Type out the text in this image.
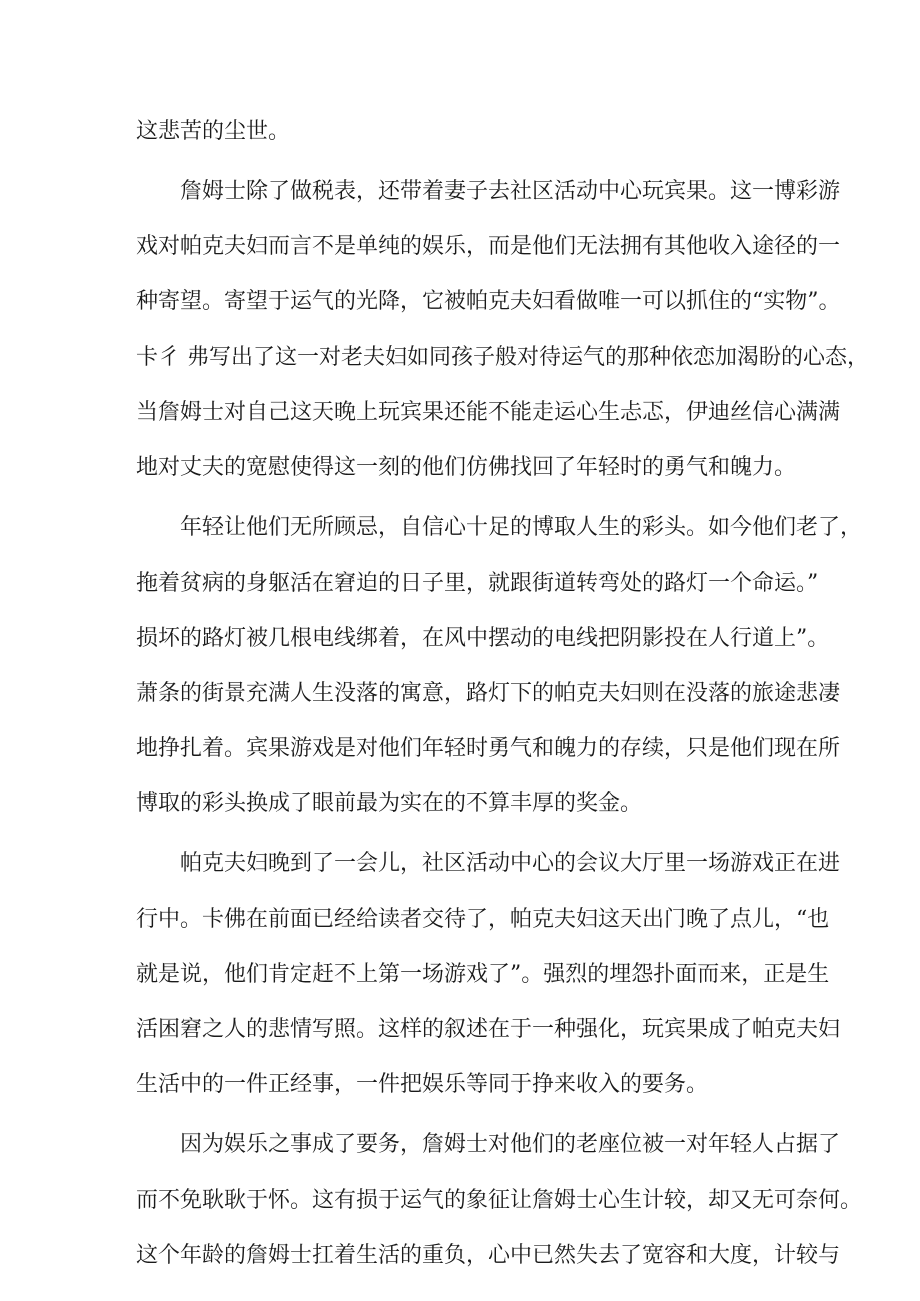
这悲苦的尘世。
詹姆士除了做税表，还带着妻子去社区活动中心玩宾果。这一博彩游
戏对帕克夫妇而言不是单纯的娱乐，而是他们无法拥有其他收入途径的一
种寄望。寄望于运气的光降，它被帕克夫妇看做唯一可以抓住的“实物”。
卡彳 弗写出了这一对老夫妇如同孩子般对待运气的那种依恋加渴盼的心态，
当詹姆士对自己这天晚上玩宾果还能不能走运心生忐忑，伊迪丝信心满满
地对丈夫的宽慰使得这一刻的他们仿佛找回了年轻时的勇气和魄力。
年轻让他们无所顾忌，自信心十足的博取人生的彩头。如今他们老了，
拖着贫病的身躯活在窘迫的日子里，就跟街道转弯处的路灯一个命运。”
损坏的路灯被几根电线绑着，在风中摆动的电线把阴影投在人行道上”。
萧条的街景充满人生没落的寓意，路灯下的帕克夫妇则在没落的旅途悲凄
地挣扎着。宾果游戏是对他们年轻时勇气和魄力的存续，只是他们现在所
博取的彩头换成了眼前最为实在的不算丰厚的奖金。
帕克夫妇晚到了一会儿，社区活动中心的会议大厅里一场游戏正在进
行中。卡佛在前面已经给读者交待了，帕克夫妇这天出门晚了点儿，“也
就是说，他们肯定赶不上第一场游戏了”。强烈的埋怨扑面而来，正是生
活困窘之人的悲情写照。这样的叙述在于一种强化，玩宾果成了帕克夫妇
生活中的一件正经事，一件把娱乐等同于挣来收入的要务。
因为娱乐之事成了要务，詹姆士对他们的老座位被一对年轻人占据了
而不免耿耿于怀。这有损于运气的象征让詹姆士心生计较，却又无可奈何。
这个年龄的詹姆士扛着生活的重负，心中已然失去了宽容和大度，计较与
